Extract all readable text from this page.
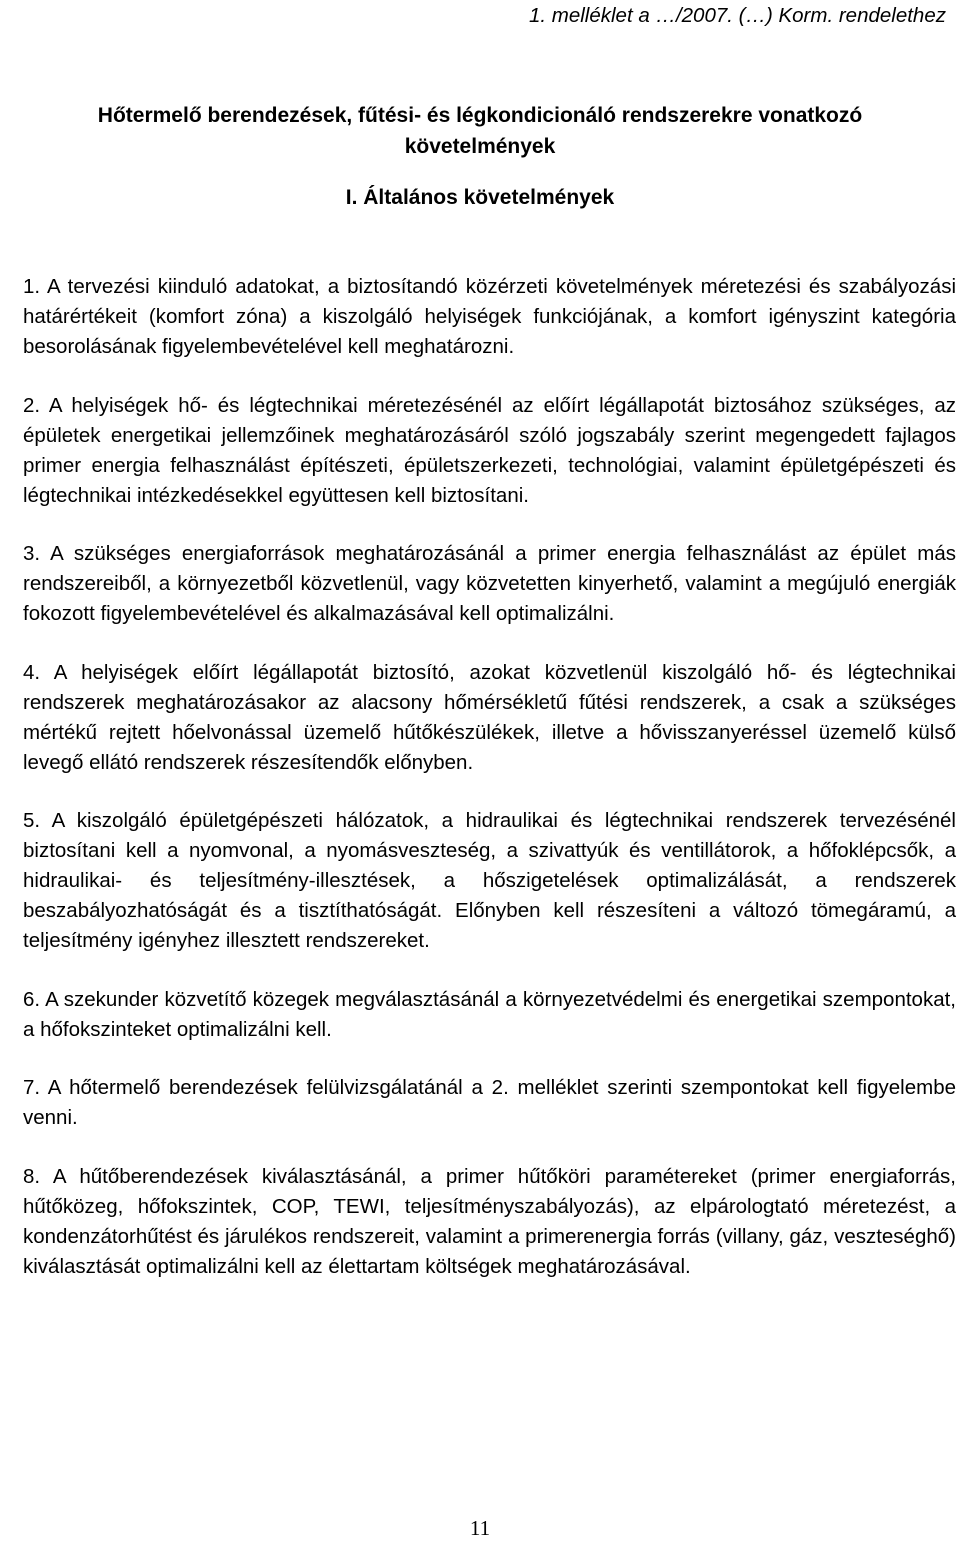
1. melléklet a …/2007. (…) Korm. rendelethez
Hőtermelő berendezések, fűtési- és légkondicionáló rendszerekre vonatkozó
követelmények
I. Általános követelmények

1. A tervezési kiinduló adatokat, a biztosítandó közérzeti követelmények méretezési és szabályozási határértékeit (komfort zóna) a kiszolgáló helyiségek funkciójának, a komfort igényszint kategória besorolásának figyelembevételével kell meghatározni.

2. A helyiségek hő- és légtechnikai méretezésénél az előírt légállapotát biztosához szükséges, az épületek energetikai jellemzőinek meghatározásáról szóló jogszabály szerint megengedett fajlagos primer energia felhasználást építészeti, épületszerkezeti, technológiai, valamint épületgépészeti és légtechnikai intézkedésekkel együttesen kell biztosítani.

3. A szükséges energiaforrások meghatározásánál a primer energia felhasználást az épület más rendszereiből, a környezetből közvetlenül, vagy közvetetten kinyerhető, valamint a megújuló energiák fokozott figyelembevételével és alkalmazásával kell optimalizálni.

4. A helyiségek előírt légállapotát biztosító, azokat közvetlenül kiszolgáló hő- és légtechnikai rendszerek meghatározásakor az alacsony hőmérsékletű fűtési rendszerek, a csak a szükséges mértékű rejtett hőelvonással üzemelő hűtőkészülékek, illetve a hővisszanyeréssel üzemelő külső levegő ellátó rendszerek részesítendők előnyben.

5. A kiszolgáló épületgépészeti hálózatok, a hidraulikai és légtechnikai rendszerek tervezésénél biztosítani kell a nyomvonal, a nyomásveszteség, a szivattyúk és ventillátorok, a hőfoklépcsők, a hidraulikai- és teljesítmény-illesztések, a hőszigetelések optimalizálását, a rendszerek beszabályozhatóságát és a tisztíthatóságát. Előnyben kell részesíteni a változó tömegáramú, a teljesítmény igényhez illesztett rendszereket.

6. A szekunder közvetítő közegek megválasztásánál a környezetvédelmi és energetikai szempontokat, a hőfokszinteket optimalizálni kell.

7. A hőtermelő berendezések felülvizsgálatánál a 2. melléklet szerinti szempontokat kell figyelembe venni.

8. A hűtőberendezések kiválasztásánál, a primer hűtőköri paramétereket (primer energiaforrás, hűtőközeg, hőfokszintek, COP, TEWI, teljesítményszabályozás), az elpárologtató méretezést, a kondenzátorhűtést és járulékos rendszereit, valamint a primerenergia forrás (villany, gáz, veszteséghő) kiválasztását optimalizálni kell az élettartam költségek meghatározásával.

11
